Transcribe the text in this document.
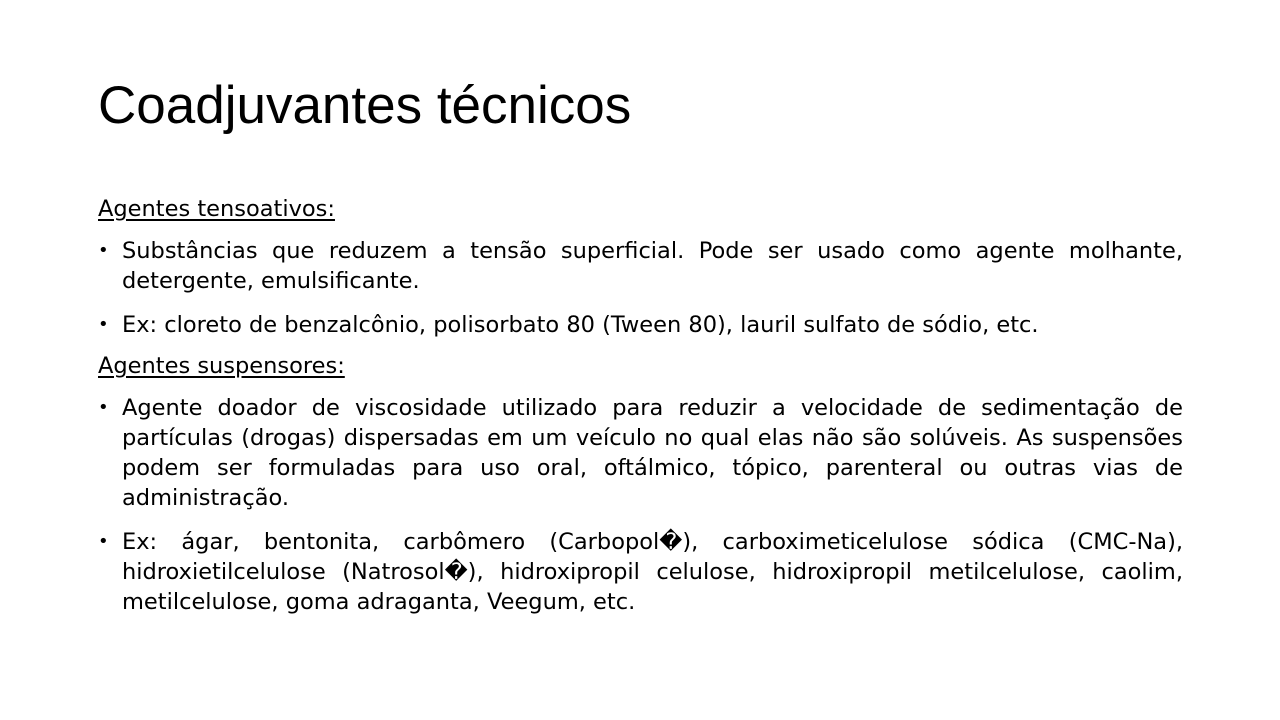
Coadjuvantes técnicos

Agentes tensoativos:

• Substâncias que reduzem a tensão superficial. Pode ser usado como agente molhante, detergente, emulsificante.

• Ex: cloreto de benzalcônio, polisorbato 80 (Tween 80), lauril sulfato de sódio, etc.

Agentes suspensores:

• Agente doador de viscosidade utilizado para reduzir a velocidade de sedimentação de partículas (drogas) dispersadas em um veículo no qual elas não são solúveis. As suspensões podem ser formuladas para uso oral, oftálmico, tópico, parenteral ou outras vias de administração.

• Ex: ágar, bentonita, carbômero (Carbopol�), carboximeticelulose sódica (CMC-Na), hidroxietilcelulose (Natrosol�), hidroxipropil celulose, hidroxipropil metilcelulose, caolim, metilcelulose, goma adraganta, Veegum, etc.
